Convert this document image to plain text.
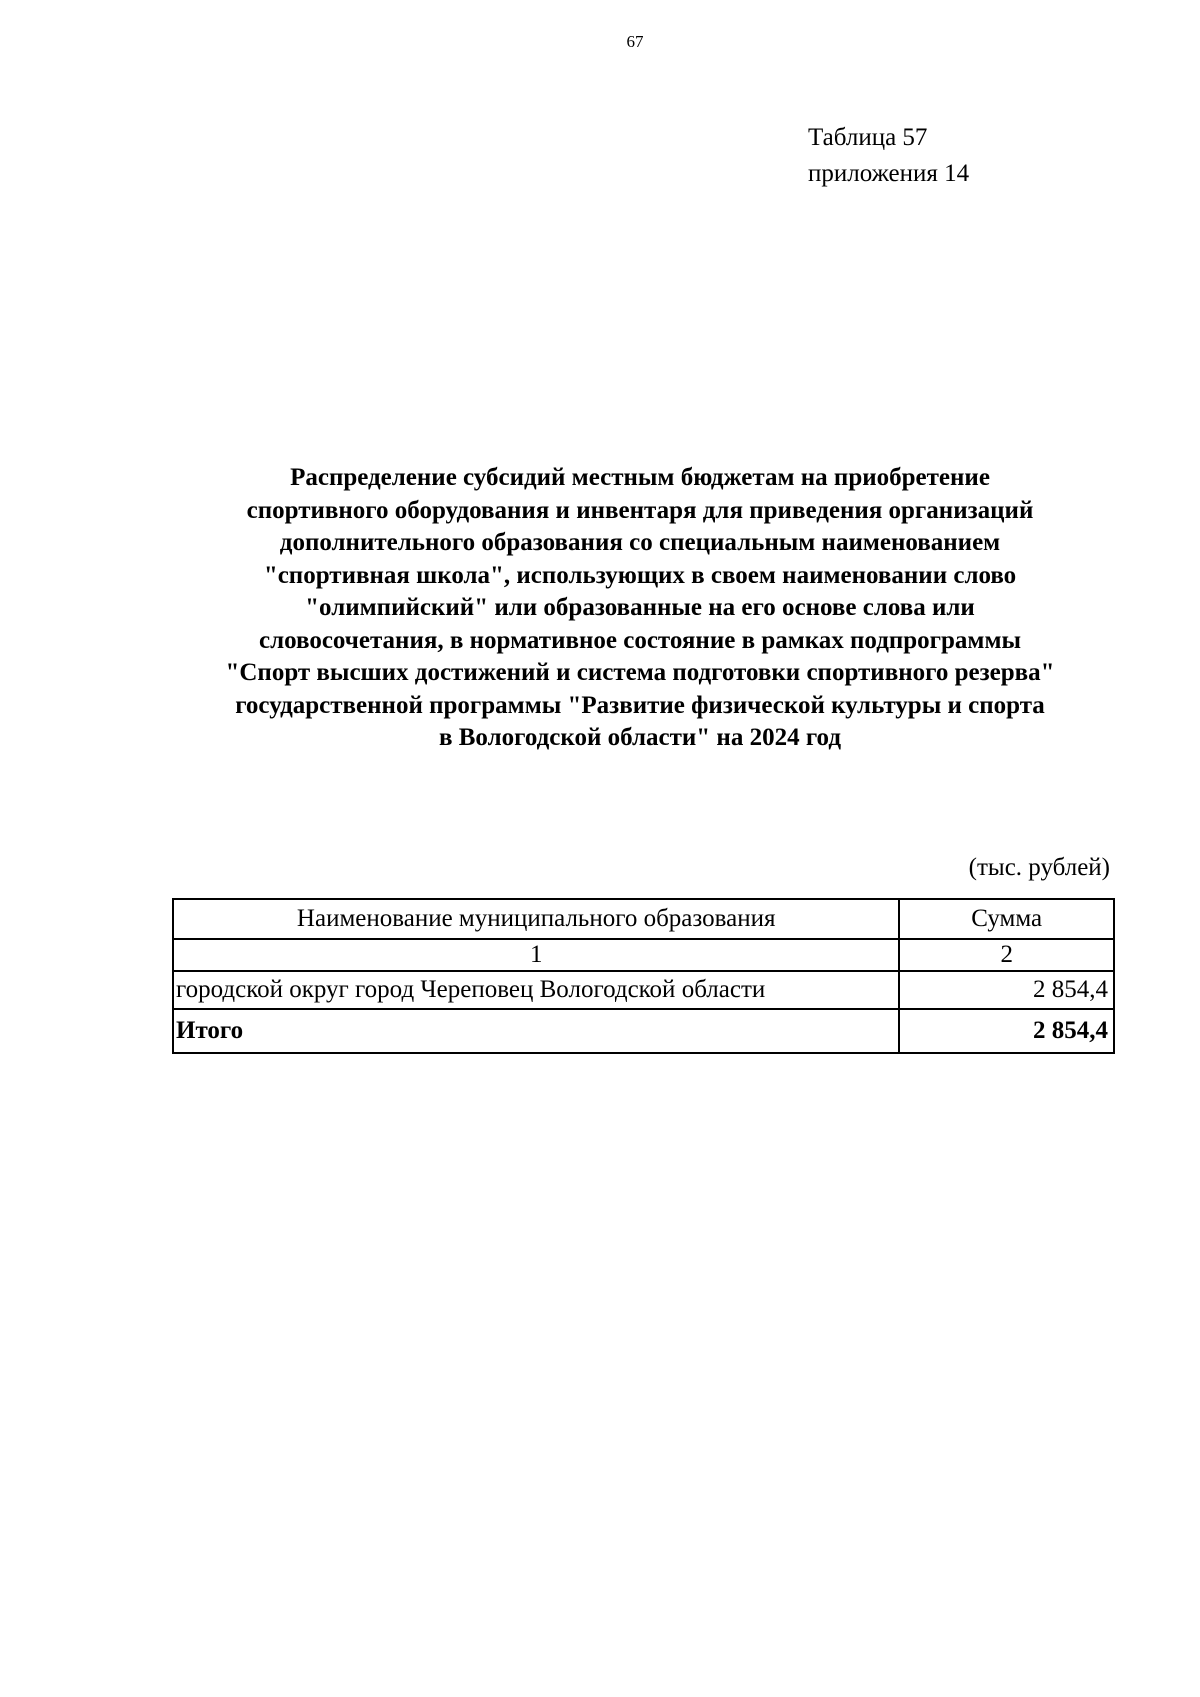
67
Таблица 57
приложения 14
Распределение субсидий местным бюджетам на приобретение
спортивного оборудования и инвентаря для приведения организаций
дополнительного образования со специальным наименованием
"спортивная школа", использующих в своем наименовании слово
"олимпийский" или образованные на его основе слова или
словосочетания, в нормативное состояние в рамках подпрограммы
"Спорт высших достижений и система подготовки спортивного резерва"
государственной программы "Развитие физической культуры и спорта
в Вологодской области" на 2024 год
(тыс. рублей)
Наименование муниципального образования	Сумма
1	2
городской округ город Череповец Вологодской области	2 854,4
Итого	2 854,4
